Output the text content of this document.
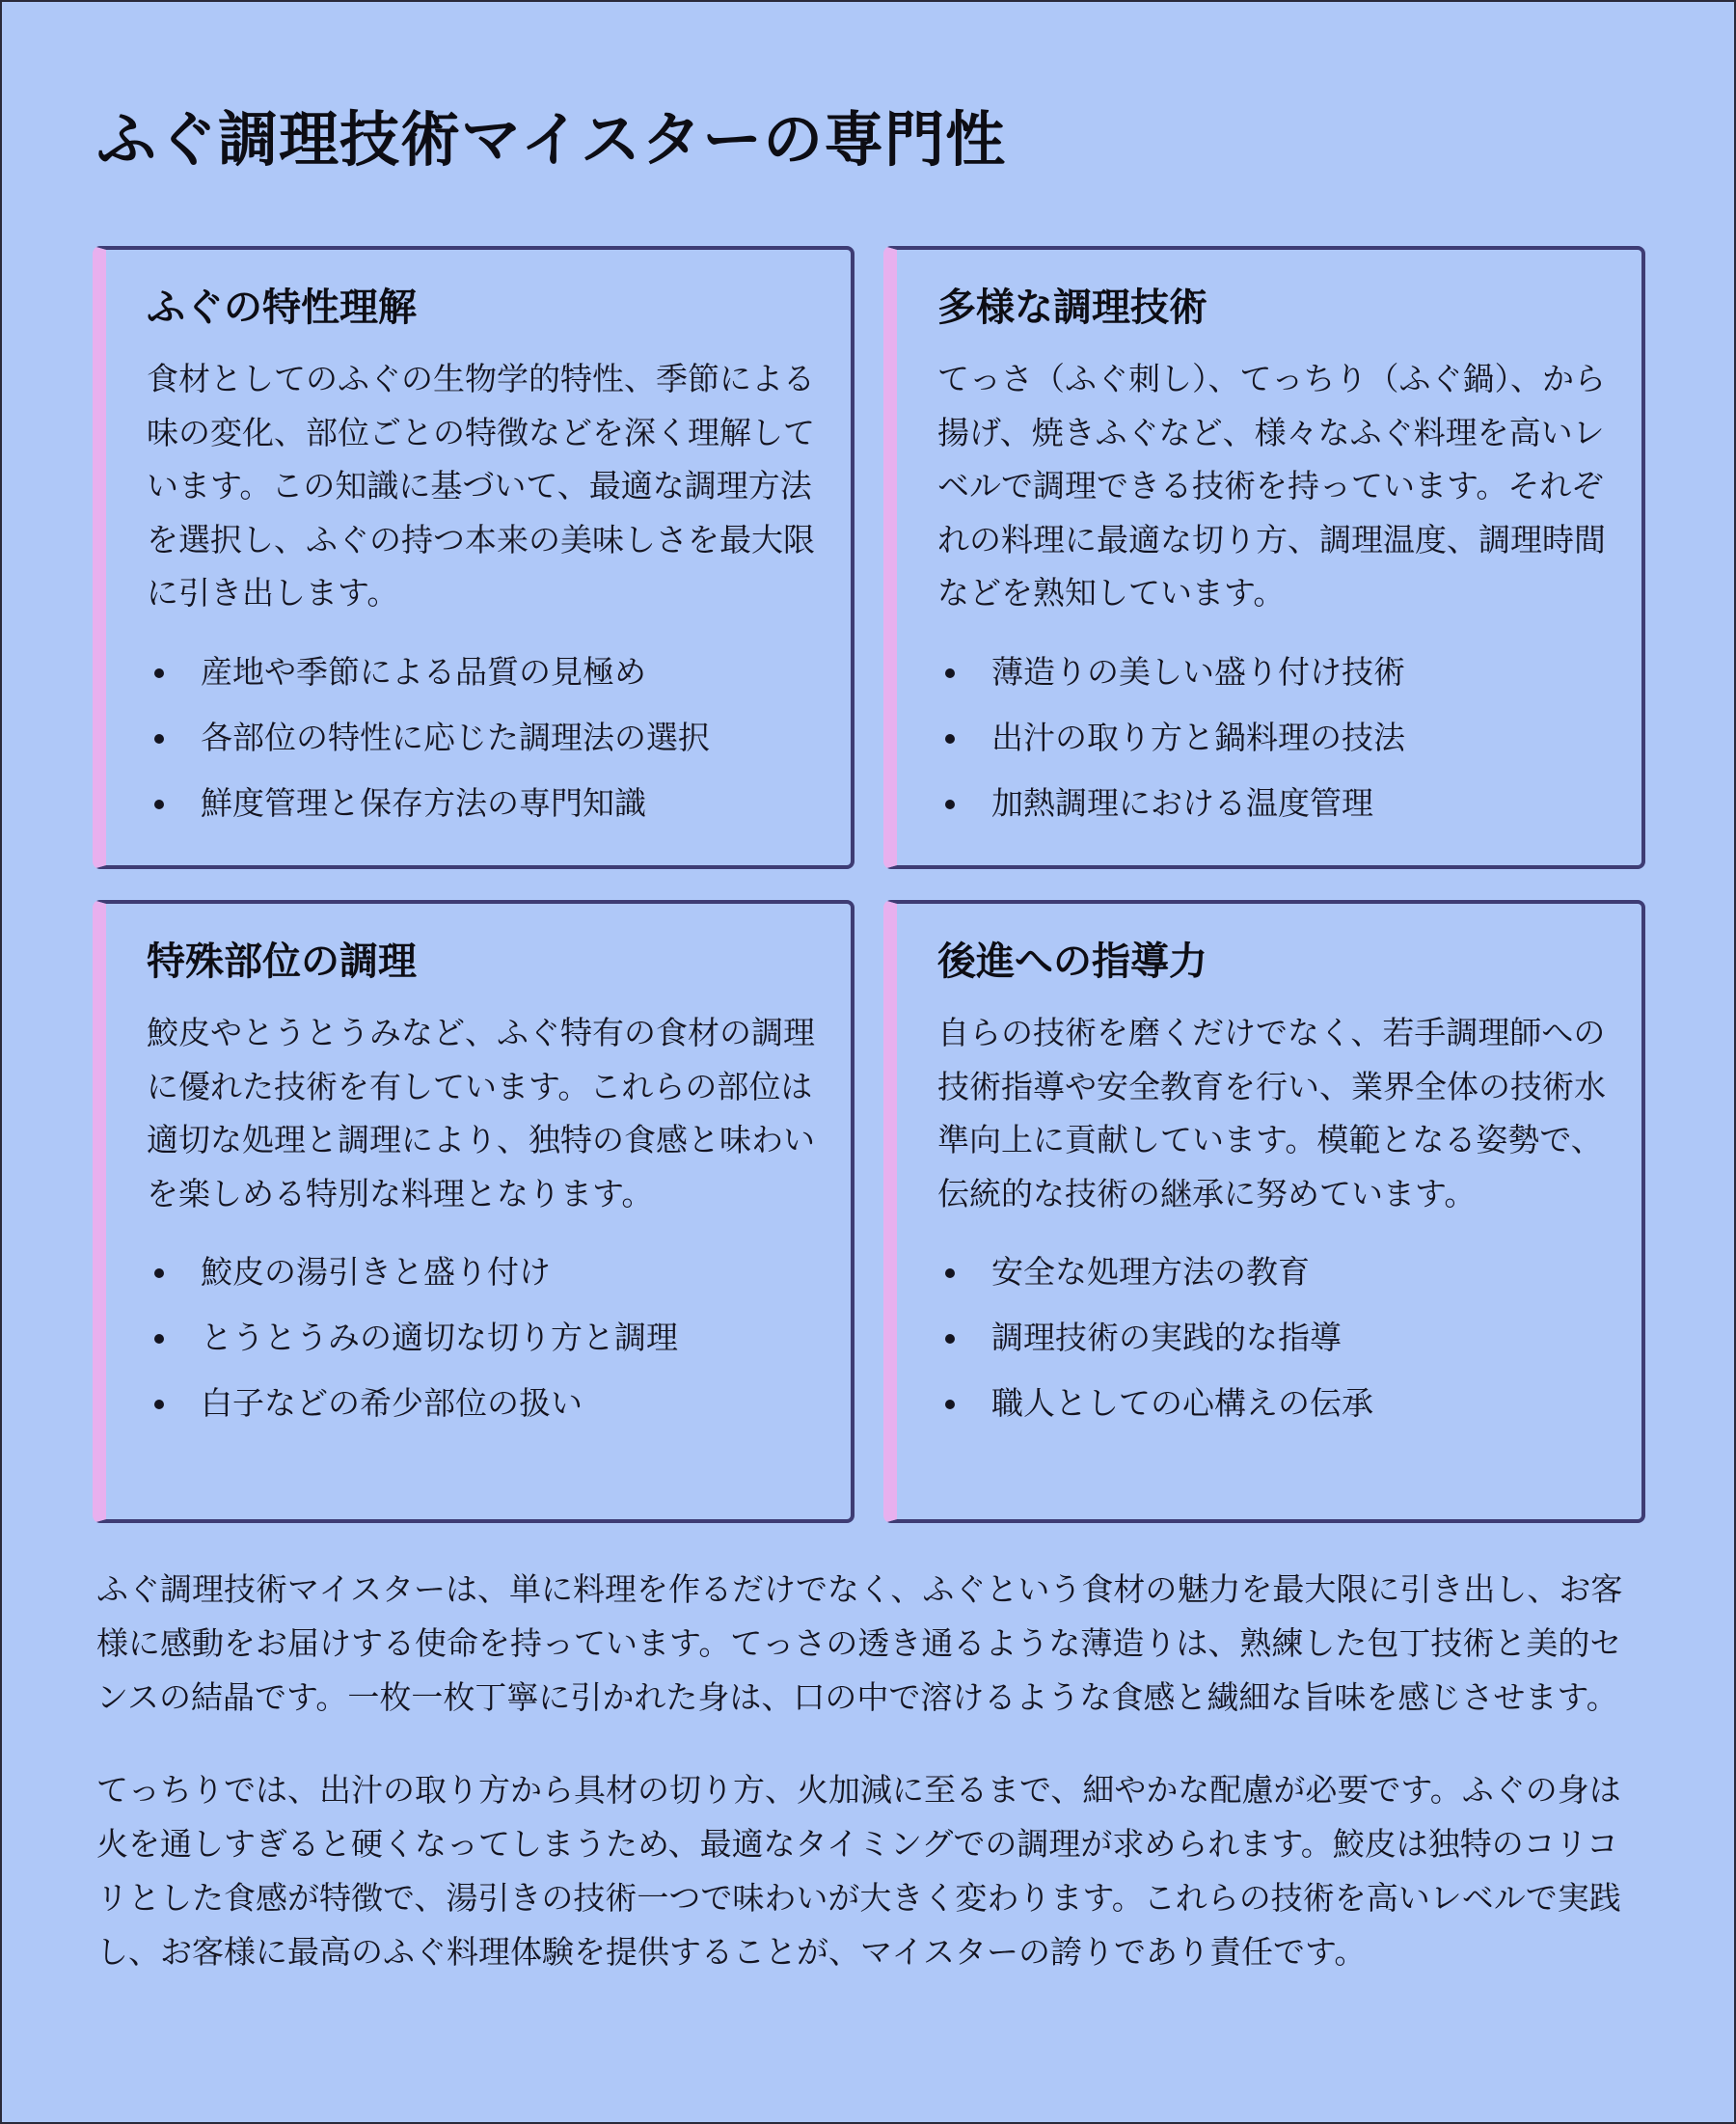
ふぐ調理技術マイスターの専門性
ふぐの特性理解

食材としてのふぐの生物学的特性、季節による味の変化、部位ごとの特徴などを深く理解しています。この知識に基づいて、最適な調理方法を選択し、ふぐの持つ本来の美味しさを最大限に引き出します。

産地や季節による品質の見極め
各部位の特性に応じた調理法の選択
鮮度管理と保存方法の専門知識
多様な調理技術

てっさ（ふぐ刺し）、てっちり（ふぐ鍋）、から揚げ、焼きふぐなど、様々なふぐ料理を高いレベルで調理できる技術を持っています。それぞれの料理に最適な切り方、調理温度、調理時間などを熟知しています。

薄造りの美しい盛り付け技術
出汁の取り方と鍋料理の技法
加熱調理における温度管理
特殊部位の調理

鮫皮やとうとうみなど、ふぐ特有の食材の調理に優れた技術を有しています。これらの部位は適切な処理と調理により、独特の食感と味わいを楽しめる特別な料理となります。

鮫皮の湯引きと盛り付け
とうとうみの適切な切り方と調理
白子などの希少部位の扱い
後進への指導力

自らの技術を磨くだけでなく、若手調理師への技術指導や安全教育を行い、業界全体の技術水準向上に貢献しています。模範となる姿勢で、伝統的な技術の継承に努めています。

安全な処理方法の教育
調理技術の実践的な指導
職人としての心構えの伝承

ふぐ調理技術マイスターは、単に料理を作るだけでなく、ふぐという食材の魅力を最大限に引き出し、お客様に感動をお届けする使命を持っています。てっさの透き通るような薄造りは、熟練した包丁技術と美的センスの結晶です。一枚一枚丁寧に引かれた身は、口の中で溶けるような食感と繊細な旨味を感じさせます。

てっちりでは、出汁の取り方から具材の切り方、火加減に至るまで、細やかな配慮が必要です。ふぐの身は火を通しすぎると硬くなってしまうため、最適なタイミングでの調理が求められます。鮫皮は独特のコリコリとした食感が特徴で、湯引きの技術一つで味わいが大きく変わります。これらの技術を高いレベルで実践し、お客様に最高のふぐ料理体験を提供することが、マイスターの誇りであり責任です。
